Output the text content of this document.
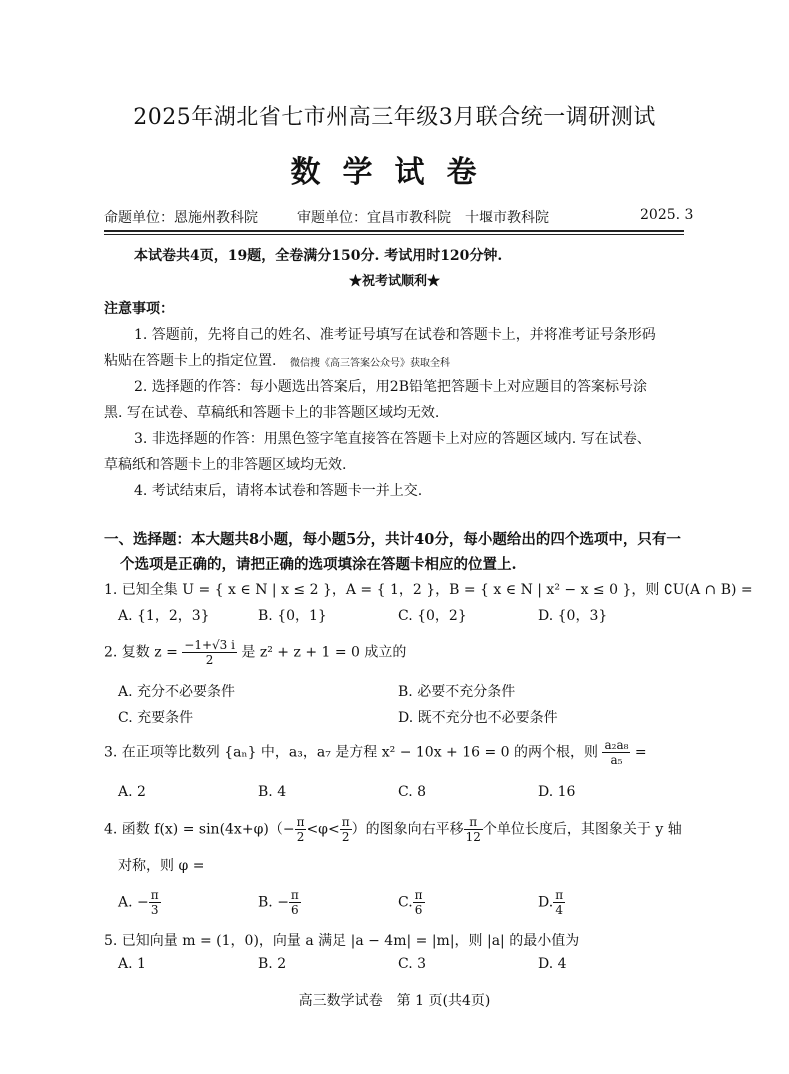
2025年湖北省七市州高三年级3月联合统一调研测试
数学试卷
命题单位：恩施州教科院	审题单位：宜昌市教科院　十堰市教科院	2025. 3
本试卷共4页，19题，全卷满分150分. 考试用时120分钟.
★祝考试顺利★
注意事项：
1. 答题前，先将自己的姓名、准考证号填写在试卷和答题卡上，并将准考证号条形码
粘贴在答题卡上的指定位置. 微信搜《高三答案公众号》获取全科
2. 选择题的作答：每小题选出答案后，用2B铅笔把答题卡上对应题目的答案标号涂
黑. 写在试卷、草稿纸和答题卡上的非答题区域均无效.
3. 非选择题的作答：用黑色签字笔直接答在答题卡上对应的答题区域内. 写在试卷、
草稿纸和答题卡上的非答题区域均无效.
4. 考试结束后，请将本试卷和答题卡一并上交.
一、选择题：本大题共8小题，每小题5分，共计40分，每小题给出的四个选项中，只有一
个选项是正确的，请把正确的选项填涂在答题卡相应的位置上.
1. 已知全集 U = { x ∈ N | x ≤ 2 }，A = { 1，2 }，B = { x ∈ N | x² − x ≤ 0 }，则 ∁U(A ∩ B) =
A. {1，2，3}	B. {0，1}	C. {0，2}	D. {0，3}
2. 复数 $z = \frac{-1+√3 i}{2}$ 是 z² + z + 1 = 0 成立的
A. 充分不必要条件	B. 必要不充分条件
C. 充要条件	D. 既不充分也不必要条件
3. 在正项等比数列 {aₙ} 中，a₃，a₇ 是方程 x² − 10x + 16 = 0 的两个根，则 $\frac{\text{a₂a₈}}{\text{a₅}}$ =
A. 2	B. 4	C. 8	D. 16
4. 函数 $f(x) = \sin(4x+\varphi)(- \frac{\pi}{2} <\varphi< \frac{\pi}{2}$ ）的图象向右平移 $\frac{\pi}{12}$ 个单位长度后，其图象关于 y 轴
对称，则 φ =
A. − $\frac{\pi}{3}$	B. − $\frac{\pi}{6}$	C. $\frac{\pi}{6}$	D. $\frac{\pi}{4}$
5. 已知向量 m = (1，0)，向量 a 满足 |a − 4m| = |m|，则 |a| 的最小值为
A. 1	B. 2	C. 3	D. 4
高三数学试卷　第 1 页(共4页)
